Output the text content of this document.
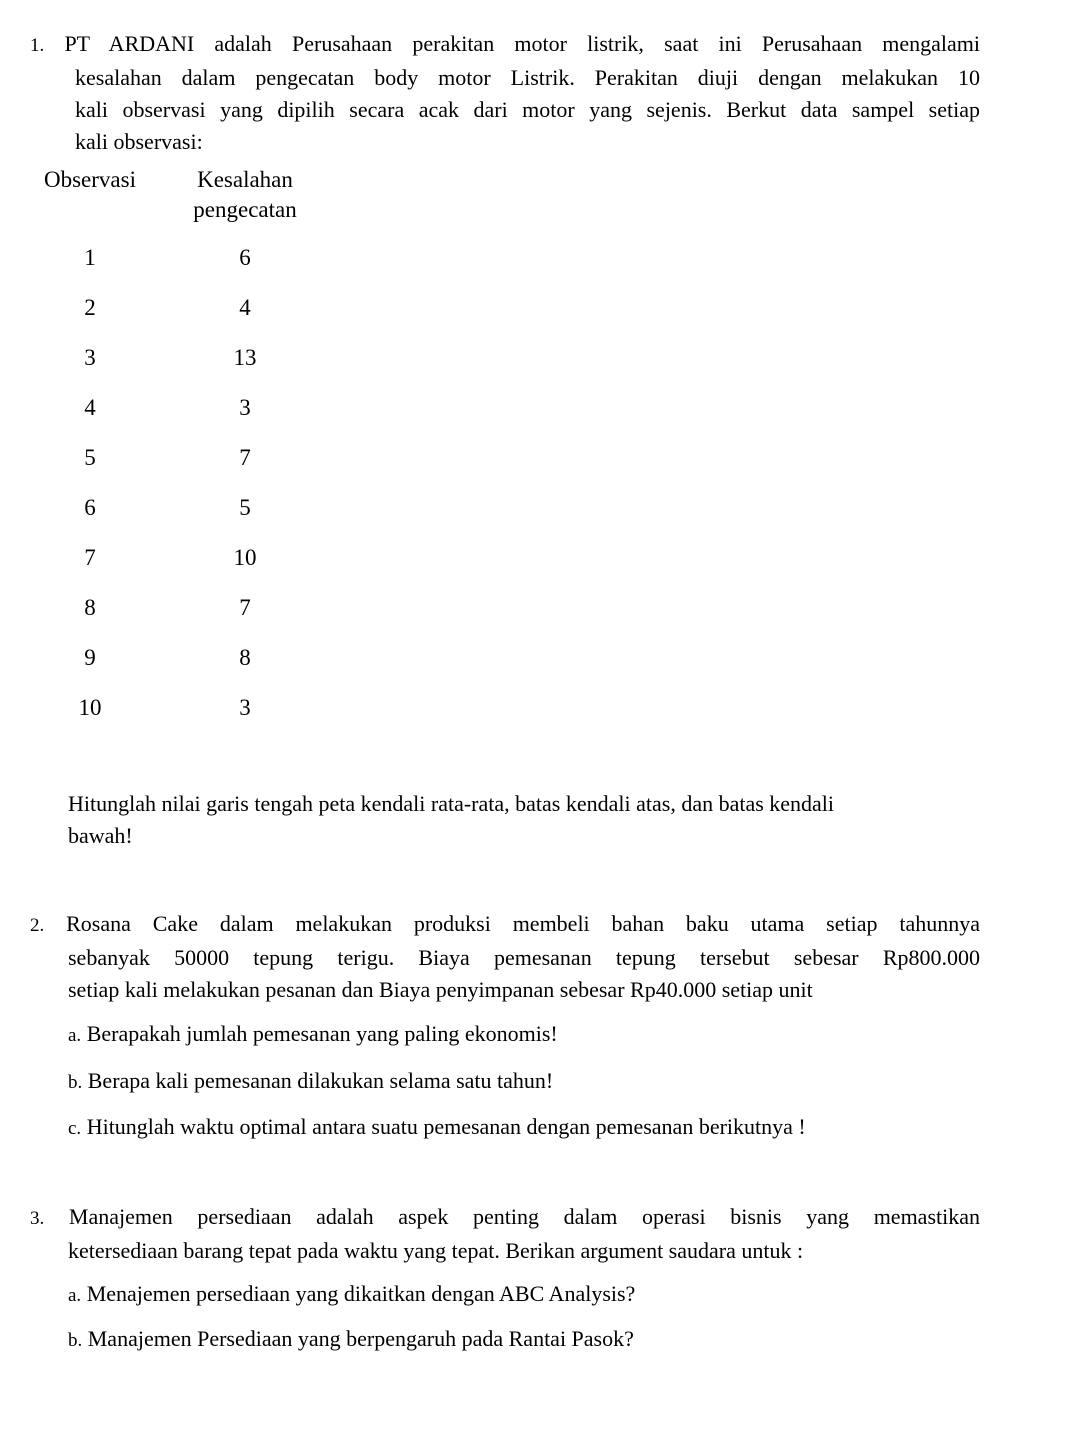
1. PT ARDANI adalah Perusahaan perakitan motor listrik, saat ini Perusahaan mengalami
kesalahan dalam pengecatan body motor Listrik. Perakitan diuji dengan melakukan 10
kali observasi yang dipilih secara acak dari motor yang sejenis. Berkut data sampel setiap
kali observasi:
Observasi	Kesalahan
pengecatan
1	6
2	4
3	13
4	3
5	7
6	5
7	10
8	7
9	8
10	3
Hitunglah nilai garis tengah peta kendali rata-rata, batas kendali atas, dan batas kendali
bawah!
2. Rosana Cake dalam melakukan produksi membeli bahan baku utama setiap tahunnya
sebanyak 50000 tepung terigu. Biaya pemesanan tepung tersebut sebesar Rp800.000
setiap kali melakukan pesanan dan Biaya penyimpanan sebesar Rp40.000 setiap unit
a. Berapakah jumlah pemesanan yang paling ekonomis!
b. Berapa kali pemesanan dilakukan selama satu tahun!
c. Hitunglah waktu optimal antara suatu pemesanan dengan pemesanan berikutnya !
3. Manajemen persediaan adalah aspek penting dalam operasi bisnis yang memastikan
ketersediaan barang tepat pada waktu yang tepat. Berikan argument saudara untuk :
a. Menajemen persediaan yang dikaitkan dengan ABC Analysis?
b. Manajemen Persediaan yang berpengaruh pada Rantai Pasok?
